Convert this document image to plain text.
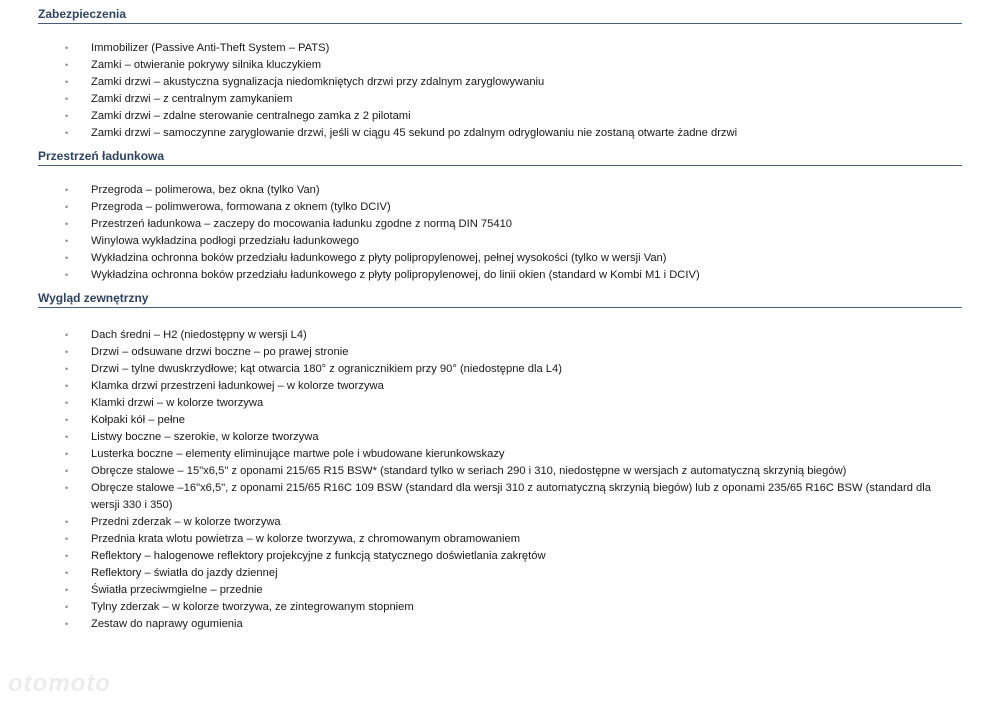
Zabezpieczenia
• Immobilizer (Passive Anti-Theft System – PATS)
• Zamki – otwieranie pokrywy silnika kluczykiem
• Zamki drzwi – akustyczna sygnalizacja niedomkniętych drzwi przy zdalnym zaryglowywaniu
• Zamki drzwi – z centralnym zamykaniem
• Zamki drzwi – zdalne sterowanie centralnego zamka z 2 pilotami
• Zamki drzwi – samoczynne zaryglowanie drzwi, jeśli w ciągu 45 sekund po zdalnym odryglowaniu nie zostaną otwarte żadne drzwi
Przestrzeń ładunkowa
• Przegroda – polimerowa, bez okna (tylko Van)
• Przegroda – polimwerowa, formowana z oknem (tylko DCIV)
• Przestrzeń ładunkowa – zaczepy do mocowania ładunku zgodne z normą DIN 75410
• Winylowa wykładzina podłogi przedziału ładunkowego
• Wykładzina ochronna boków przedziału ładunkowego z płyty polipropylenowej, pełnej wysokości (tylko w wersji Van)
• Wykładzina ochronna boków przedziału ładunkowego z płyty polipropylenowej, do linii okien (standard w Kombi M1 i DCIV)
Wygląd zewnętrzny
• Dach średni – H2 (niedostępny w wersji L4)
• Drzwi – odsuwane drzwi boczne – po prawej stronie
• Drzwi – tylne dwuskrzydłowe; kąt otwarcia 180° z ogranicznikiem przy 90° (niedostępne dla L4)
• Klamka drzwi przestrzeni ładunkowej – w kolorze tworzywa
• Klamki drzwi – w kolorze tworzywa
• Kołpaki kół – pełne
• Listwy boczne – szerokie, w kolorze tworzywa
• Lusterka boczne – elementy eliminujące martwe pole i wbudowane kierunkowskazy
• Obręcze stalowe – 15"x6,5" z oponami 215/65 R15 BSW* (standard tylko w seriach 290 i 310, niedostępne w wersjach z automatyczną skrzynią biegów)
• Obręcze stalowe –16"x6,5", z oponami 215/65 R16C 109 BSW (standard dla wersji 310 z automatyczną skrzynią biegów) lub z oponami 235/65 R16C BSW (standard dla wersji 330 i 350)
• Przedni zderzak – w kolorze tworzywa
• Przednia krata wlotu powietrza – w kolorze tworzywa, z chromowanym obramowaniem
• Reflektory – halogenowe reflektory projekcyjne z funkcją statycznego doświetlania zakrętów
• Reflektory – światła do jazdy dziennej
• Światła przeciwmgielne – przednie
• Tylny zderzak – w kolorze tworzywa, ze zintegrowanym stopniem
• Zestaw do naprawy ogumienia
otomoto
